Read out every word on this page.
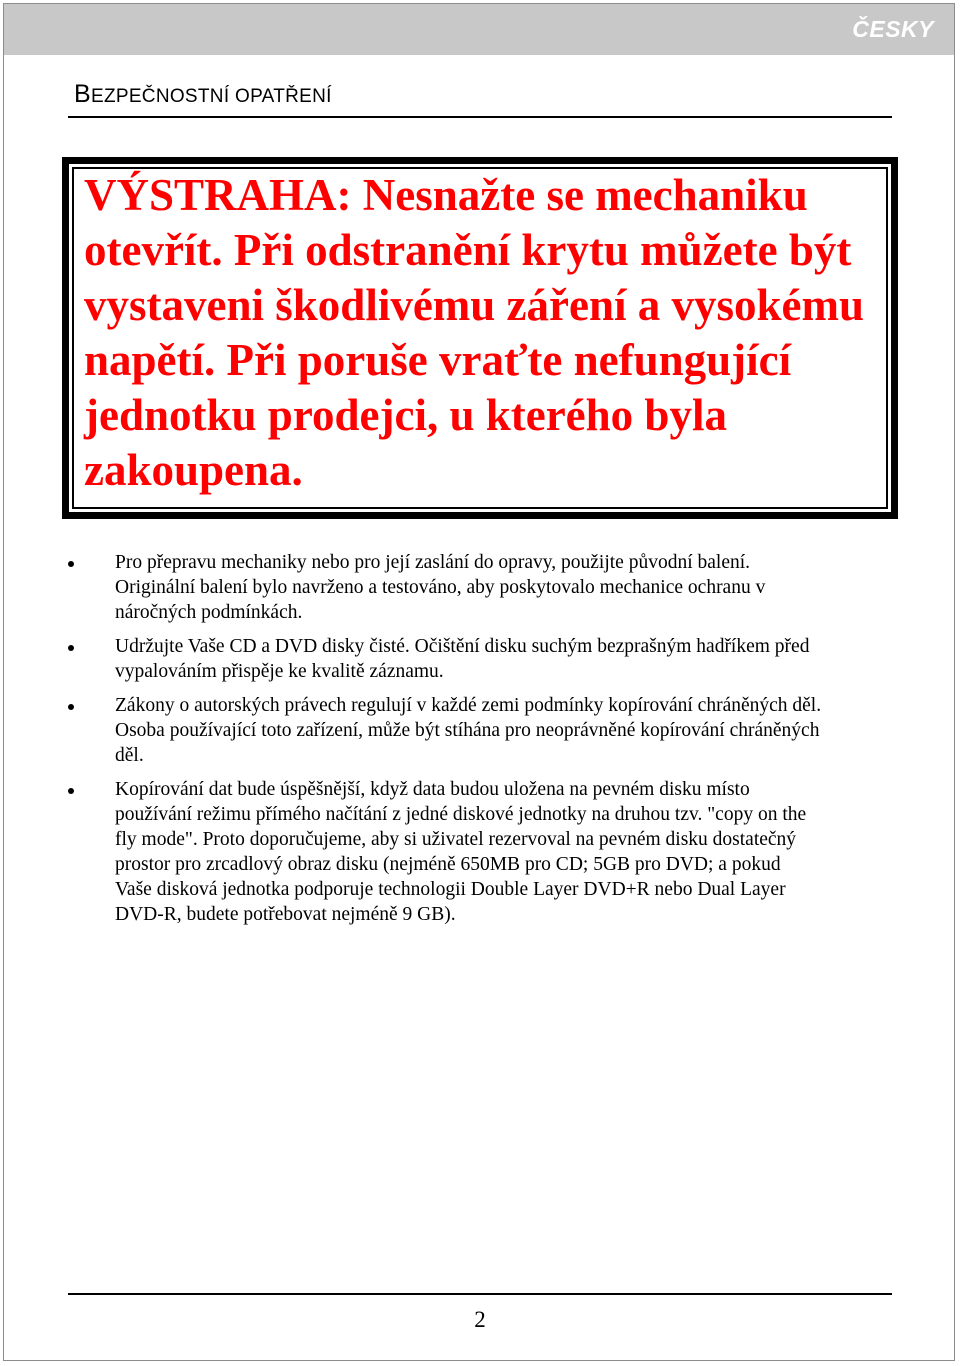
ČESKY
BEZPEČNOSTNÍ OPATŘENÍ
VÝSTRAHA: Nesnažte se mechaniku otevřít. Při odstranění krytu můžete být vystaveni škodlivému záření a vysokému napětí. Při poruše vraťte nefungující jednotku prodejci, u kterého byla zakoupena.
Pro přepravu mechaniky nebo pro její zaslání do opravy, použijte původní balení.
Originální balení bylo navrženo a testováno, aby poskytovalo mechanice ochranu v
náročných podmínkách.
Udržujte Vaše CD a DVD disky čisté. Očištění disku suchým bezprašným hadříkem před
vypalováním přispěje ke kvalitě záznamu.
Zákony o autorských právech regulují v každé zemi podmínky kopírování chráněných děl.
Osoba používající toto zařízení, může být stíhána pro neoprávněné kopírování chráněných
děl.
Kopírování dat bude úspěšnější, když data budou uložena na pevném disku místo
používání režimu přímého načítání z jedné diskové jednotky na druhou tzv. "copy on the
fly mode". Proto doporučujeme, aby si uživatel rezervoval na pevném disku dostatečný
prostor pro zrcadlový obraz disku (nejméně 650MB pro CD; 5GB pro DVD; a pokud
Vaše disková jednotka podporuje technologii Double Layer DVD+R nebo Dual Layer
DVD-R, budete potřebovat nejméně 9 GB).
2
